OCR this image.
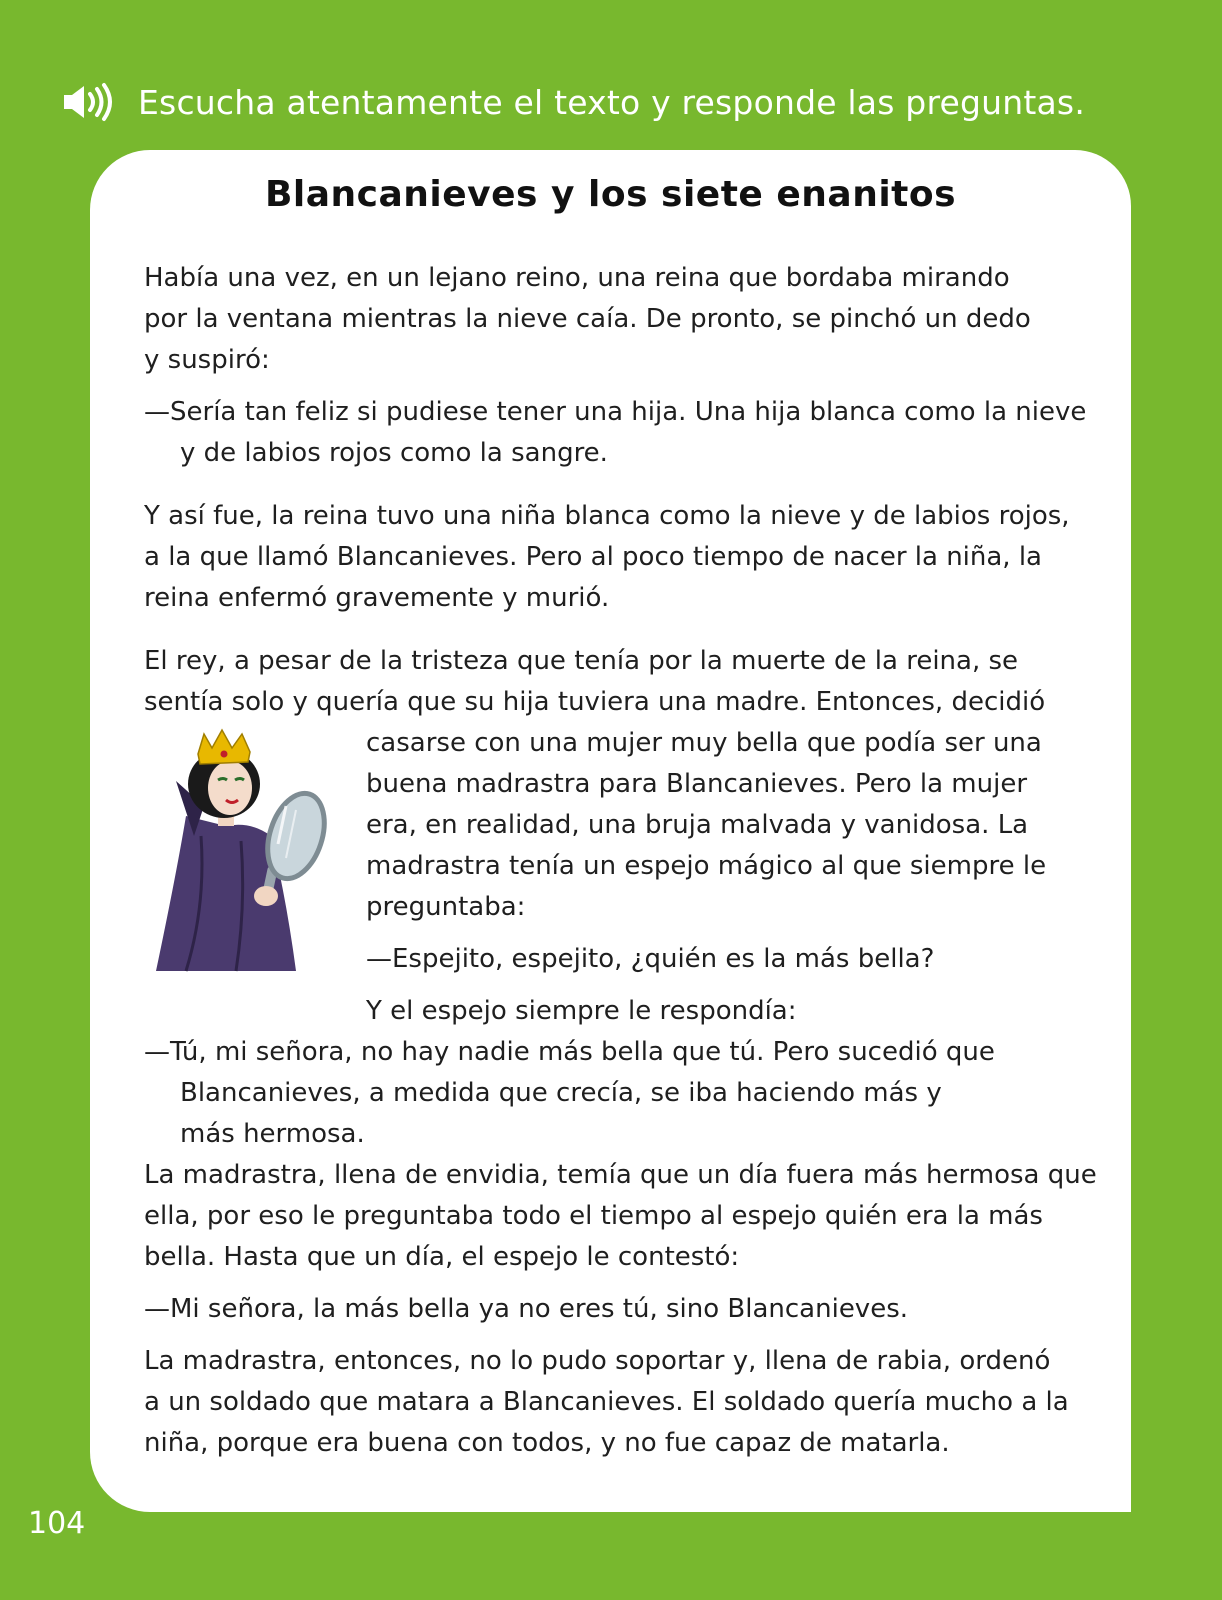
Escucha atentamente el texto y responde las preguntas.
Blancanieves y los siete enanitos

Había una vez, en un lejano reino, una reina que bordaba mirando

por la ventana mientras la nieve caía. De pronto, se pinchó un dedo

y suspiró:

—Sería tan feliz si pudiese tener una hija. Una hija blanca como la nieve

y de labios rojos como la sangre.

Y así fue, la reina tuvo una niña blanca como la nieve y de labios rojos,

a la que llamó Blancanieves. Pero al poco tiempo de nacer la niña, la

reina enfermó gravemente y murió.

El rey, a pesar de la tristeza que tenía por la muerte de la reina, se

sentía solo y quería que su hija tuviera una madre. Entonces, decidió

casarse con una mujer muy bella que podía ser una

buena madrastra para Blancanieves. Pero la mujer

era, en realidad, una bruja malvada y vanidosa. La

madrastra tenía un espejo mágico al que siempre le

preguntaba:

—Espejito, espejito, ¿quién es la más bella?

Y el espejo siempre le respondía:

—Tú, mi señora, no hay nadie más bella que tú. Pero sucedió que

Blancanieves, a medida que crecía, se iba haciendo más y

más hermosa.

La madrastra, llena de envidia, temía que un día fuera más hermosa que

ella, por eso le preguntaba todo el tiempo al espejo quién era la más

bella. Hasta que un día, el espejo le contestó:

—Mi señora, la más bella ya no eres tú, sino Blancanieves.

La madrastra, entonces, no lo pudo soportar y, llena de rabia, ordenó

a un soldado que matara a Blancanieves. El soldado quería mucho a la

niña, porque era buena con todos, y no fue capaz de matarla.

104
